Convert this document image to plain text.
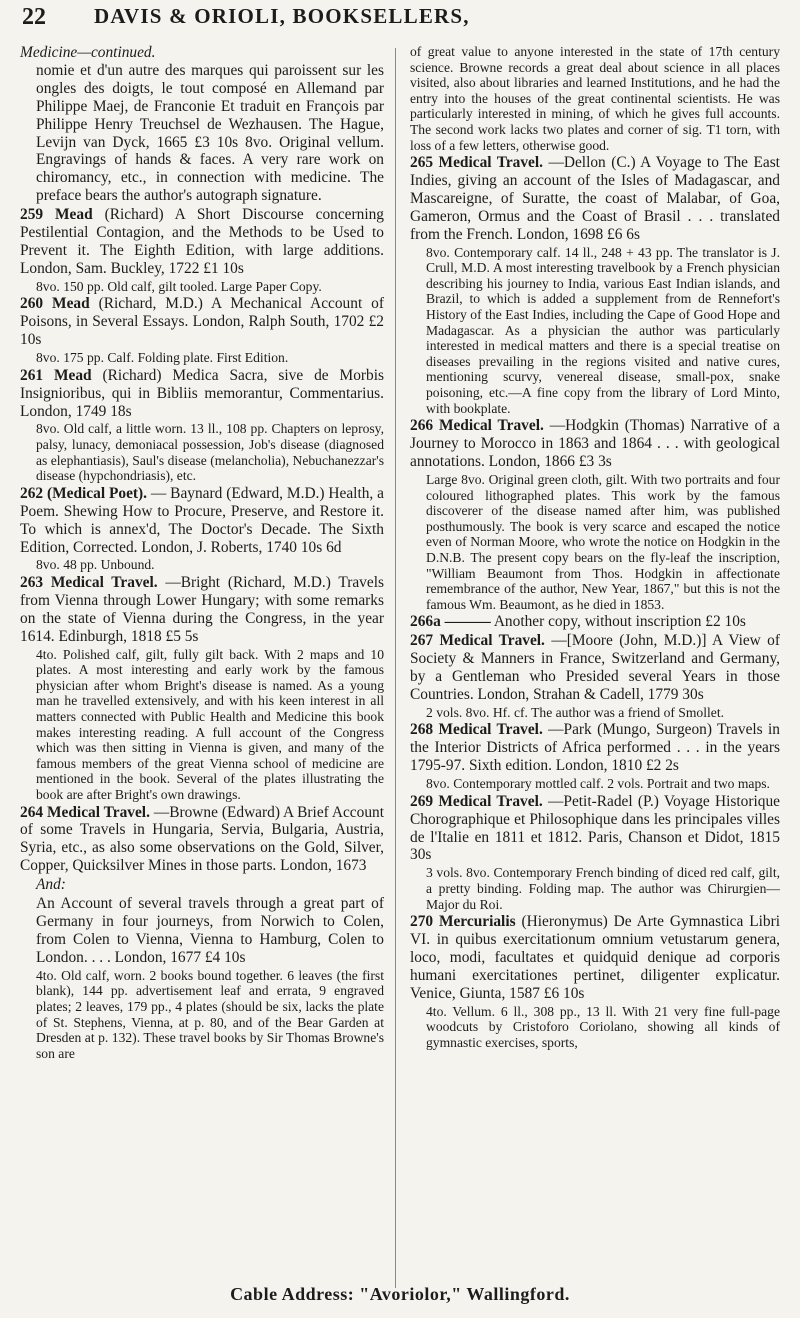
22 DAVIS & ORIOLI, BOOKSELLERS,
Medicine—continued.
nomie et d'un autre des marques qui paroissent sur les ongles des doigts, le tout composé en Allemand par Philippe Maej, de Franconie Et traduit en François par Philippe Henry Treuchsel de Wezhausen. The Hague, Levijn van Dyck, 1665 £3 10s 8vo. Original vellum. Engravings of hands & faces. A very rare work on chiromancy, etc., in connection with medicine. The preface bears the author's autograph signature.
259 Mead (Richard) A Short Discourse concerning Pestilential Contagion, and the Methods to be Used to Prevent it. The Eighth Edition, with large additions. London, Sam. Buckley, 1722 £1 10s
8vo. 150 pp. Old calf, gilt tooled. Large Paper Copy.
260 Mead (Richard, M.D.) A Mechanical Account of Poisons, in Several Essays. London, Ralph South, 1702 £2 10s
8vo. 175 pp. Calf. Folding plate. First Edition.
261 Mead (Richard) Medica Sacra, sive de Morbis Insignioribus, qui in Bibliis memorantur, Commentarius. London, 1749 18s
8vo. Old calf, a little worn. 13 ll., 108 pp. Chapters on leprosy, palsy, lunacy, demoniacal possession, Job's disease (diagnosed as elephantiasis), Saul's disease (melancholia), Nebuchanezzar's disease (hypchondriasis), etc.
262 (Medical Poet). — Baynard (Edward, M.D.) Health, a Poem. Shewing How to Procure, Preserve, and Restore it. To which is annex'd, The Doctor's Decade. The Sixth Edition, Corrected. London, J. Roberts, 1740 10s 6d
8vo. 48 pp. Unbound.
263 Medical Travel. —Bright (Richard, M.D.) Travels from Vienna through Lower Hungary; with some remarks on the state of Vienna during the Congress, in the year 1614. Edinburgh, 1818 £5 5s
4to. Polished calf, gilt, fully gilt back. With 2 maps and 10 plates. A most interesting and early work by the famous physician after whom Bright's disease is named. As a young man he travelled extensively, and with his keen interest in all matters connected with Public Health and Medicine this book makes interesting reading. A full account of the Congress which was then sitting in Vienna is given, and many of the famous members of the great Vienna school of medicine are mentioned in the book. Several of the plates illustrating the book are after Bright's own drawings.
264 Medical Travel. —Browne (Edward) A Brief Account of some Travels in Hungaria, Servia, Bulgaria, Austria, Syria, etc., as also some observations on the Gold, Silver, Copper, Quicksilver Mines in those parts. London, 1673
And:
An Account of several travels through a great part of Germany in four journeys, from Norwich to Colen, from Colen to Vienna, Vienna to Hamburg, Colen to London. . . . London, 1677 £4 10s
4to. Old calf, worn. 2 books bound together. 6 leaves (the first blank), 144 pp. advertisement leaf and errata, 9 engraved plates; 2 leaves, 179 pp., 4 plates (should be six, lacks the plate of St. Stephens, Vienna, at p. 80, and of the Bear Garden at Dresden at p. 132). These travel books by Sir Thomas Browne's son are
of great value to anyone interested in the state of 17th century science. Browne records a great deal about science in all places visited, also about libraries and learned Institutions, and he had the entry into the houses of the great continental scientists. He was particularly interested in mining, of which he gives full accounts. The second work lacks two plates and corner of sig. T1 torn, with loss of a few letters, otherwise good.
265 Medical Travel. —Dellon (C.) A Voyage to The East Indies, giving an account of the Isles of Madagascar, and Mascareigne, of Suratte, the coast of Malabar, of Goa, Gameron, Ormus and the Coast of Brasil . . . translated from the French. London, 1698 £6 6s
8vo. Contemporary calf. 14 ll., 248 + 43 pp. The translator is J. Crull, M.D. A most interesting travelbook by a French physician describing his journey to India, various East Indian islands, and Brazil, to which is added a supplement from de Rennefort's History of the East Indies, including the Cape of Good Hope and Madagascar. As a physician the author was particularly interested in medical matters and there is a special treatise on diseases prevailing in the regions visited and native cures, mentioning scurvy, venereal disease, small-pox, snake poisoning, etc.—A fine copy from the library of Lord Minto, with bookplate.
266 Medical Travel. —Hodgkin (Thomas) Narrative of a Journey to Morocco in 1863 and 1864 . . . with geological annotations. London, 1866 £3 3s
Large 8vo. Original green cloth, gilt. With two portraits and four coloured lithographed plates. This work by the famous discoverer of the disease named after him, was published posthumously. The book is very scarce and escaped the notice even of Norman Moore, who wrote the notice on Hodgkin in the D.N.B. The present copy bears on the fly-leaf the inscription, "William Beaumont from Thos. Hodgkin in affectionate remembrance of the author, New Year, 1867," but this is not the famous Wm. Beaumont, as he died in 1853.
266a ——— Another copy, without inscription £2 10s
267 Medical Travel. —[Moore (John, M.D.)] A View of Society & Manners in France, Switzerland and Germany, by a Gentleman who Presided several Years in those Countries. London, Strahan & Cadell, 1779 30s
2 vols. 8vo. Hf. cf. The author was a friend of Smollet.
268 Medical Travel. —Park (Mungo, Surgeon) Travels in the Interior Districts of Africa performed . . . in the years 1795-97. Sixth edition. London, 1810 £2 2s
8vo. Contemporary mottled calf. 2 vols. Portrait and two maps.
269 Medical Travel. —Petit-Radel (P.) Voyage Historique Chorographique et Philosophique dans les principales villes de l'Italie en 1811 et 1812. Paris, Chanson et Didot, 1815 30s
3 vols. 8vo. Contemporary French binding of diced red calf, gilt, a pretty binding. Folding map. The author was Chirurgien—Major du Roi.
270 Mercurialis (Hieronymus) De Arte Gymnastica Libri VI. in quibus exercitationum omnium vetustarum genera, loco, modi, facultates et quidquid denique ad corporis humani exercitationes pertinet, diligenter explicatur. Venice, Giunta, 1587 £6 10s
4to. Vellum. 6 ll., 308 pp., 13 ll. With 21 very fine full-page woodcuts by Cristoforo Coriolano, showing all kinds of gymnastic exercises, sports,
Cable Address: "Avoriolor," Wallingford.
